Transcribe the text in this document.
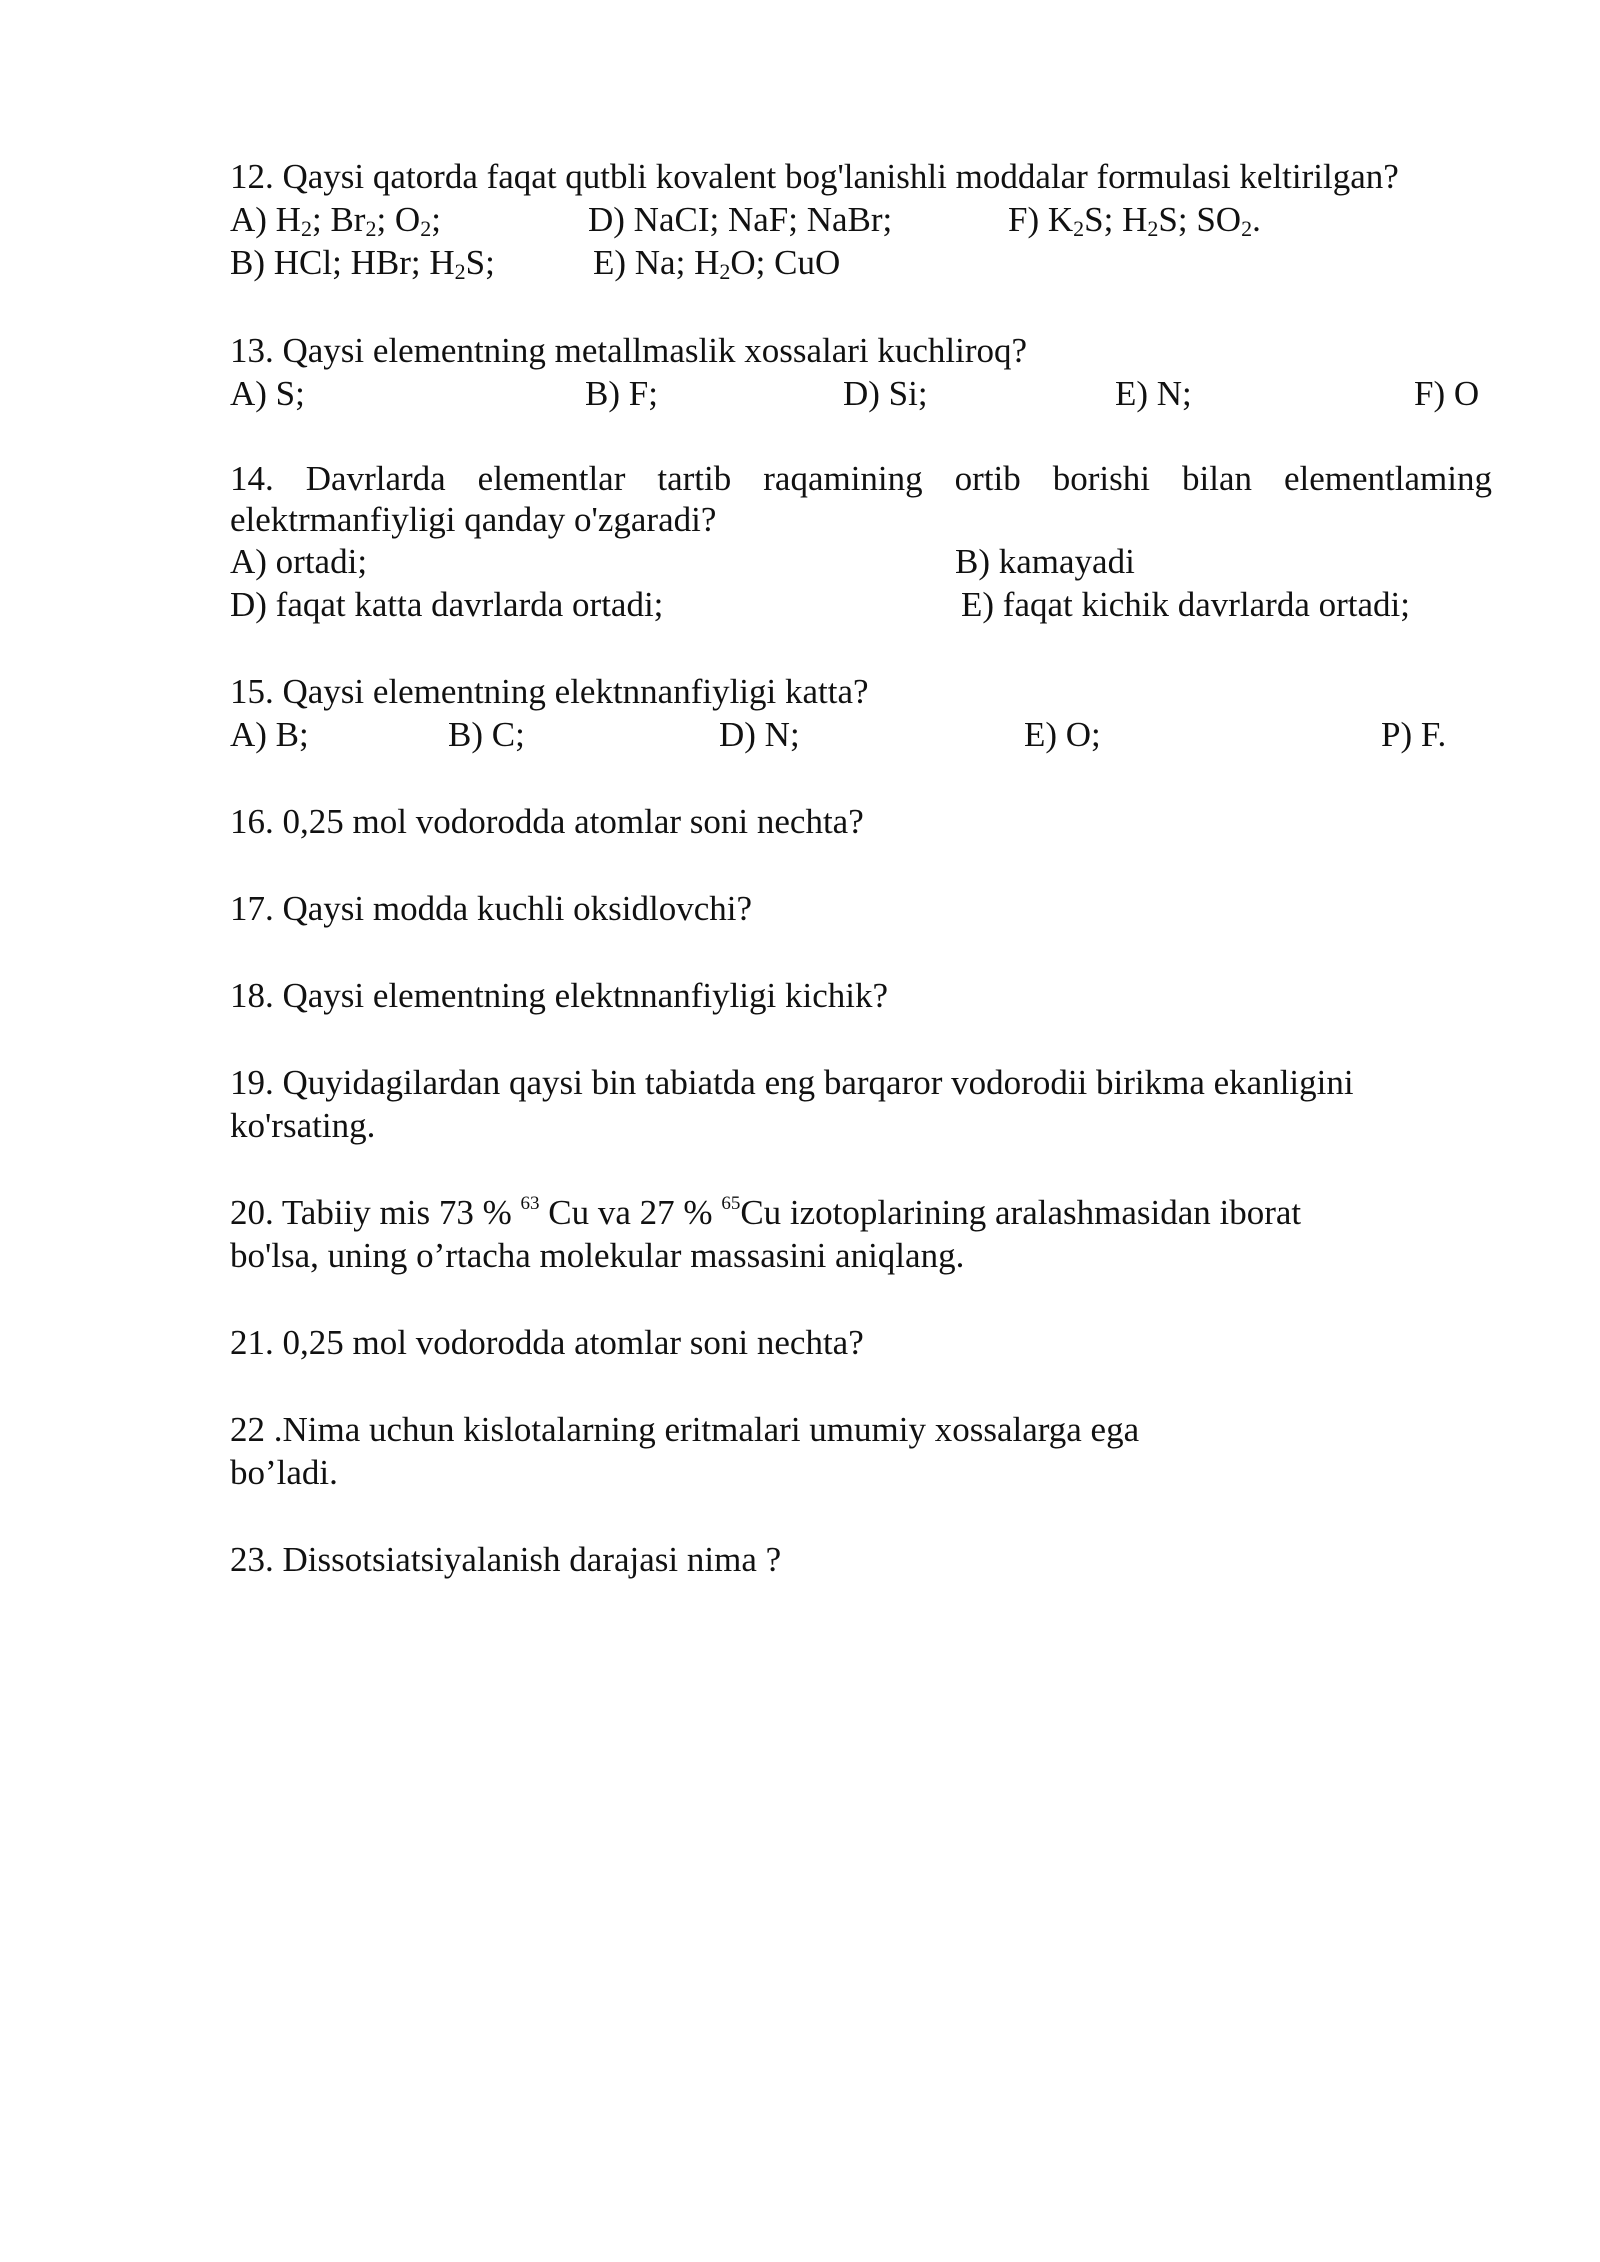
12. Qaysi qatorda faqat qutbli kovalent bog'lanishli moddalar formulasi keltirilgan?
A) $H_2$; $Br_2$; $O_2$;	D) NaCI; NaF; NaBr;	F) $K_2S$; $H_2S$; $SO_2$.
B) HCl; HBr; $H_2S$;	E) Na; $H_2O$; CuO
13. Qaysi elementning metallmaslik xossalari kuchliroq?
A) S;	B) F;	D) Si;	E) N;	F) O
14. Davrlarda elementlar tartib raqamining ortib borishi bilan elementlaming
elektrmanfiyligi qanday o'zgaradi?
A) ortadi;	B) kamayadi
D) faqat katta davrlarda ortadi;	E) faqat kichik davrlarda ortadi;
15. Qaysi elementning elektnnanfiyligi katta?
A) B;	B) C;	D) N;	E) O;	P) F.
16. 0,25 mol vodorodda atomlar soni nechta?
17. Qaysi modda kuchli oksidlovchi?
18. Qaysi elementning elektnnanfiyligi kichik?
19. Quyidagilardan qaysi bin tabiatda eng barqaror vodorodii birikma ekanligini
ko'rsating.
20. Tabiiy mis 73 % $^{63}$ Cu va 27 % $^{65}$Cu izotoplarining aralashmasidan iborat
bo'lsa, uning o’rtacha molekular massasini aniqlang.
21. 0,25 mol vodorodda atomlar soni nechta?
22 .Nima uchun kislotalarning eritmalari umumiy xossalarga ega
bo’ladi.
23. Dissotsiatsiyalanish darajasi nima ?
